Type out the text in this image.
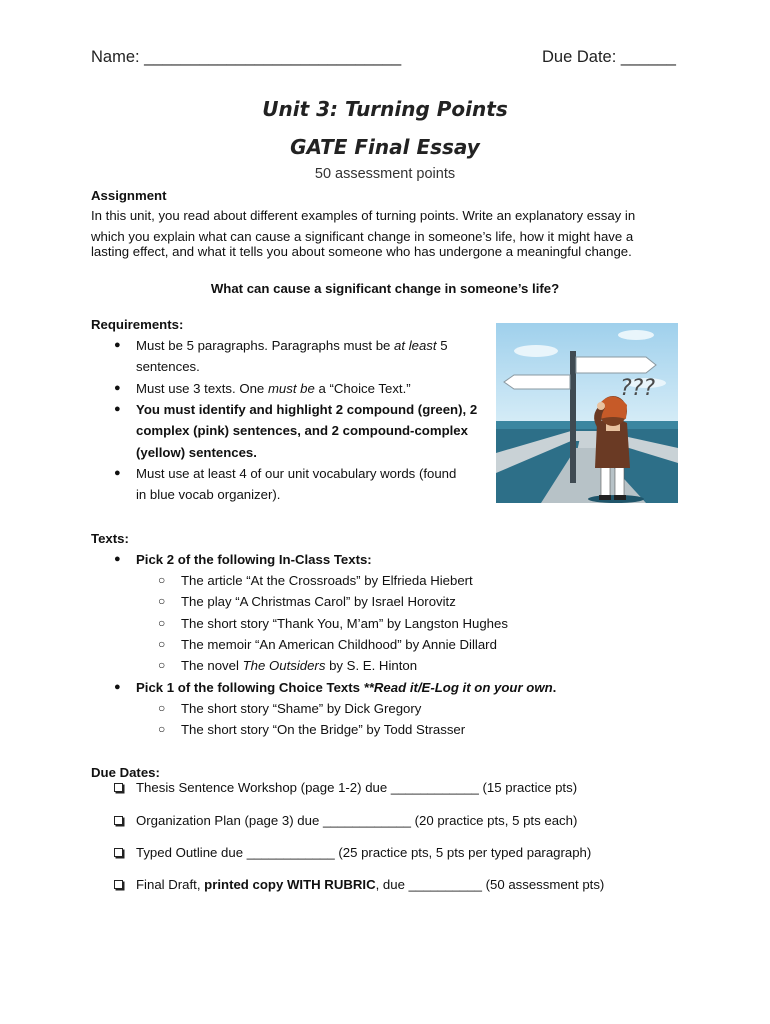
Name: ____________________________	Due Date: ______
Unit 3: Turning Points
GATE Final Essay
50 assessment points
Assignment
In this unit, you read about different examples of turning points. Write an explanatory essay in
which you explain what can cause a significant change in someone’s life, how it might have a
lasting effect, and what it tells you about someone who has undergone a meaningful change.
What can cause a significant change in someone’s life?
Requirements:
● Must be 5 paragraphs. Paragraphs must be at least 5
sentences.
● Must use 3 texts. One must be a “Choice Text.”
● You must identify and highlight 2 compound (green), 2
complex (pink) sentences, and 2 compound-complex
(yellow) sentences.
● Must use at least 4 of our unit vocabulary words (found
in blue vocab organizer).
???
Texts:
● Pick 2 of the following In-Class Texts:
○ The article “At the Crossroads” by Elfrieda Hiebert
○ The play “A Christmas Carol” by Israel Horovitz
○ The short story “Thank You, M’am” by Langston Hughes
○ The memoir “An American Childhood” by Annie Dillard
○ The novel The Outsiders by S. E. Hinton
● Pick 1 of the following Choice Texts **Read it/E-Log it on your own.
○ The short story “Shame” by Dick Gregory
○ The short story “On the Bridge” by Todd Strasser
Due Dates:
Thesis Sentence Workshop (page 1-2) due ____________ (15 practice pts)
Organization Plan (page 3) due ____________ (20 practice pts, 5 pts each)
Typed Outline due ____________ (25 practice pts, 5 pts per typed paragraph)
Final Draft, printed copy WITH RUBRIC, due __________ (50 assessment pts)
